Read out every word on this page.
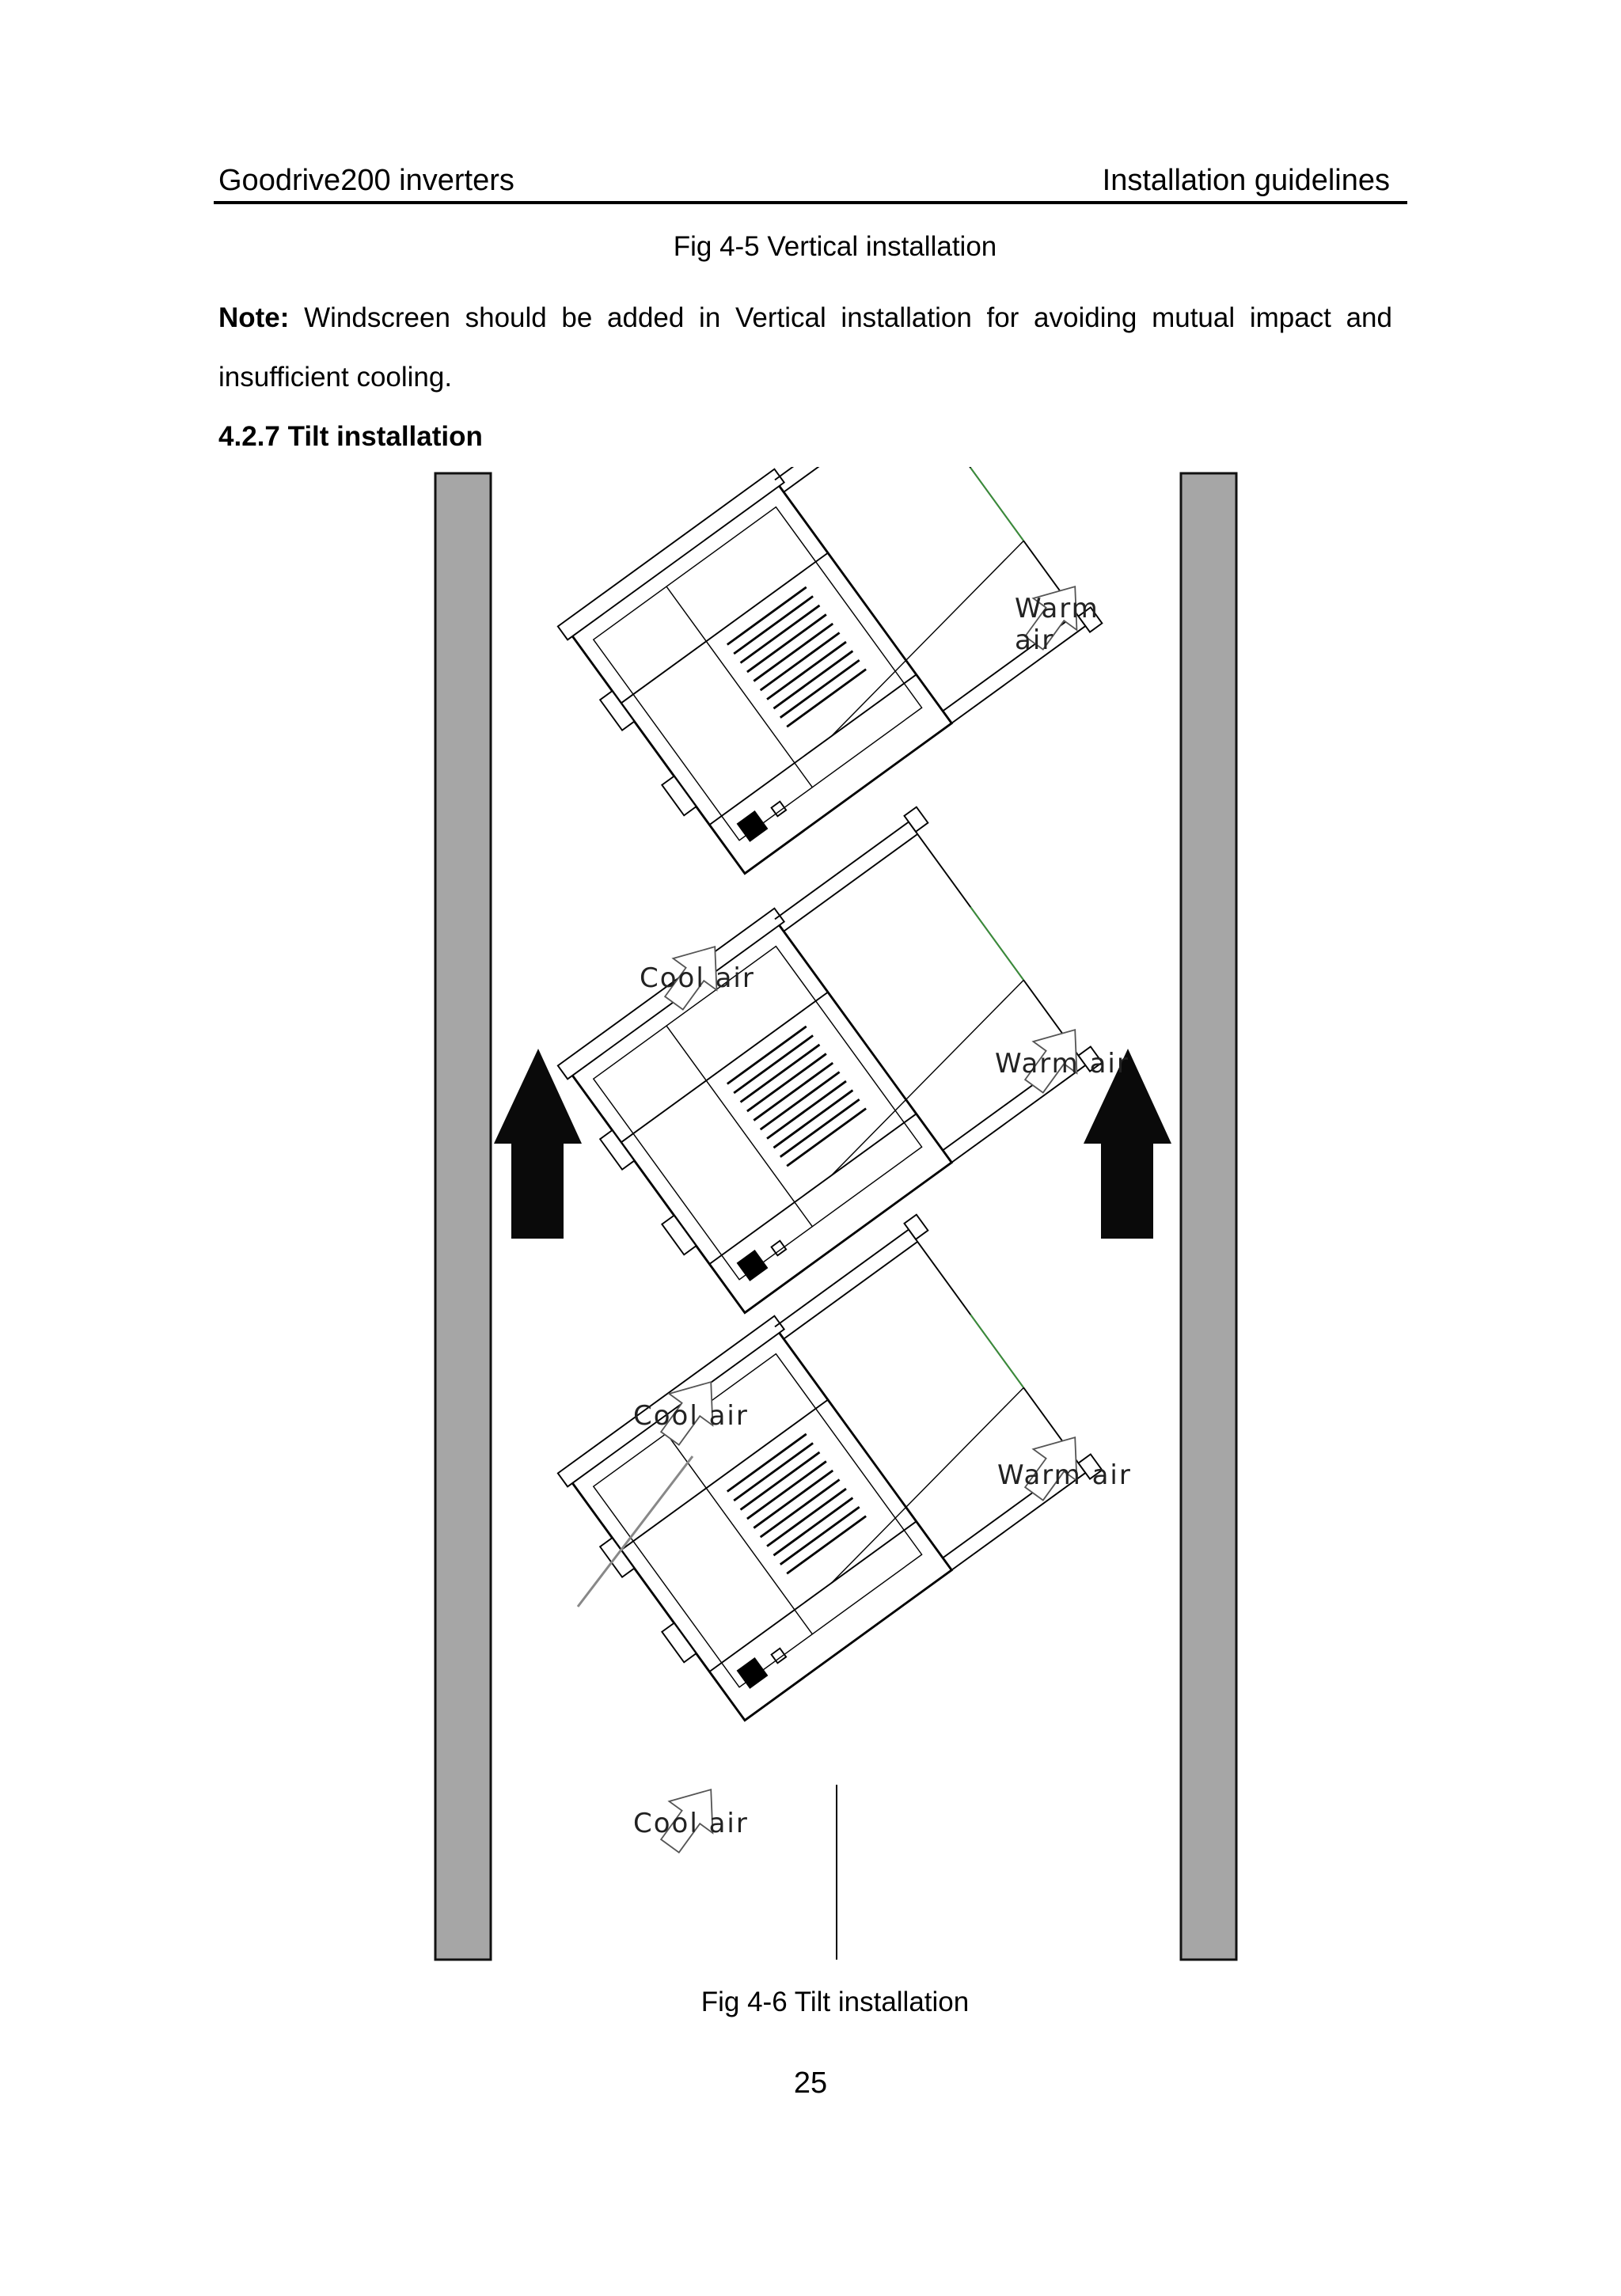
Goodrive200 inverters	Installation guidelines
Fig 4-5 Vertical installation
Note: Windscreen should be added in Vertical installation for avoiding mutual impact and insufficient cooling.
4.2.7 Tilt installation
Warm
air
Cool air
Warm air
Cool air
Warm air
Cool air
Fig 4-6 Tilt installation
25
